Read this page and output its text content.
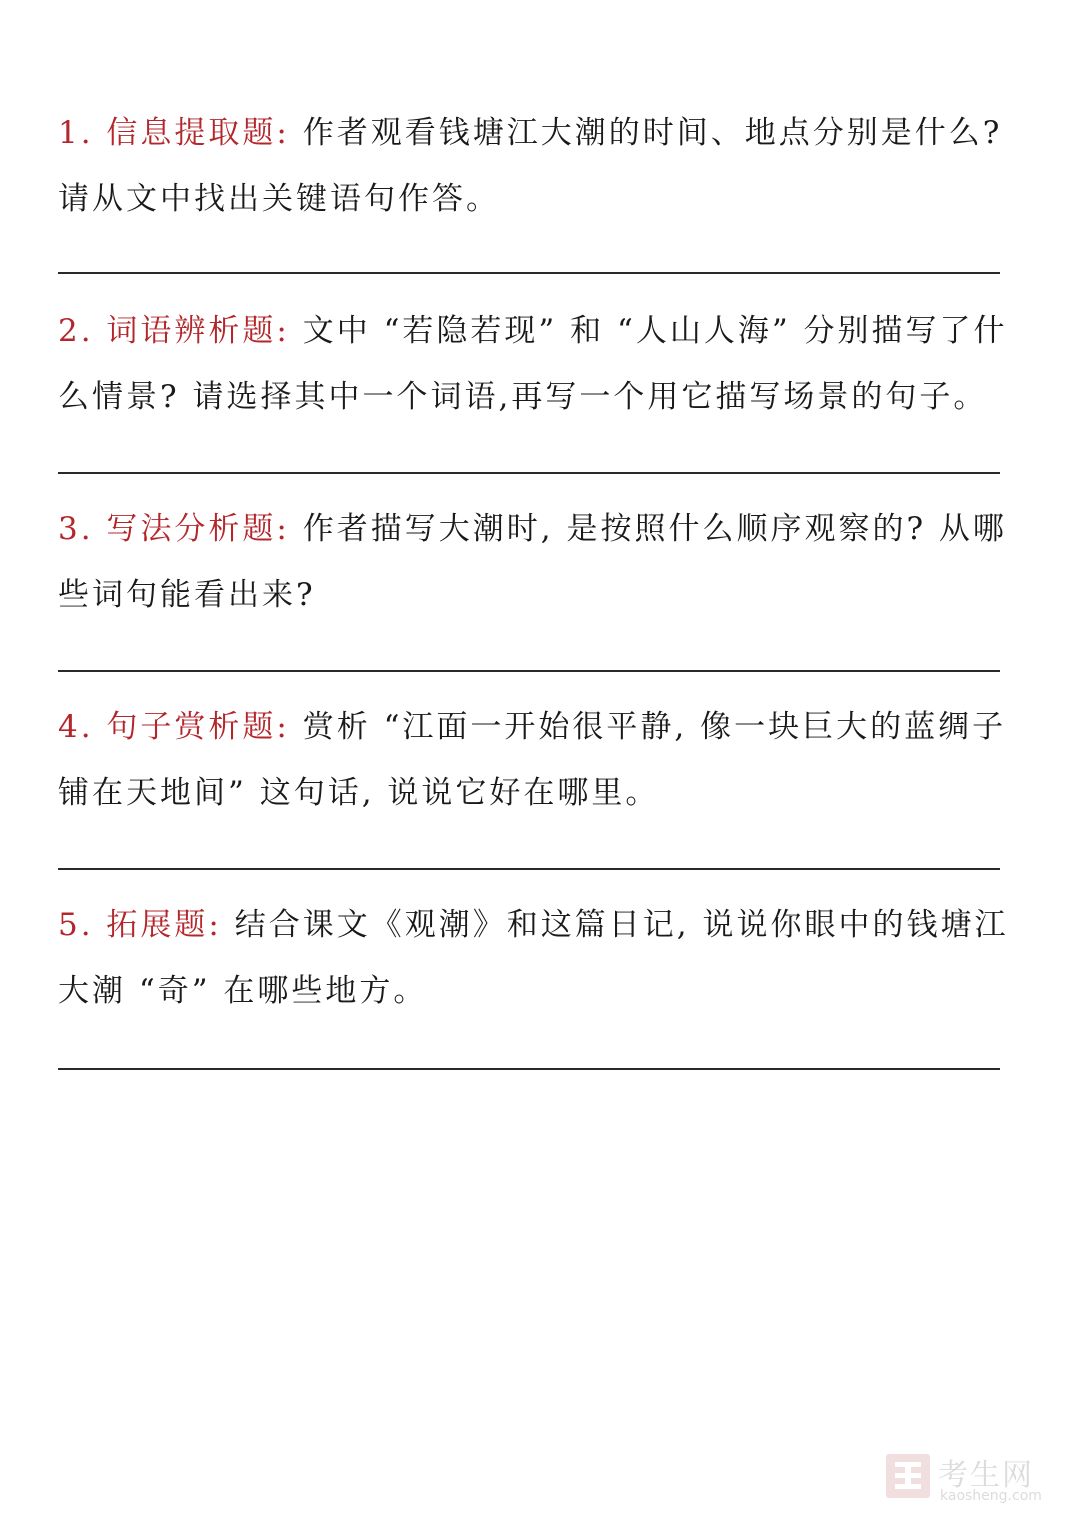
1. 信息提取题: 作者观看钱塘江大潮的时间、地点分别是什么? 请从文中找出关键语句作答。
2. 词语辨析题: 文中 “若隐若现” 和 “人山人海” 分别描写了什么情景? 请选择其中一个词语,再写一个用它描写场景的句子。
3. 写法分析题: 作者描写大潮时, 是按照什么顺序观察的? 从哪些词句能看出来?
4. 句子赏析题: 赏析 “江面一开始很平静, 像一块巨大的蓝绸子铺在天地间” 这句话, 说说它好在哪里。
5. 拓展题: 结合课文《观潮》和这篇日记, 说说你眼中的钱塘江大潮 “奇” 在哪些地方。
考生网
kaosheng.com
